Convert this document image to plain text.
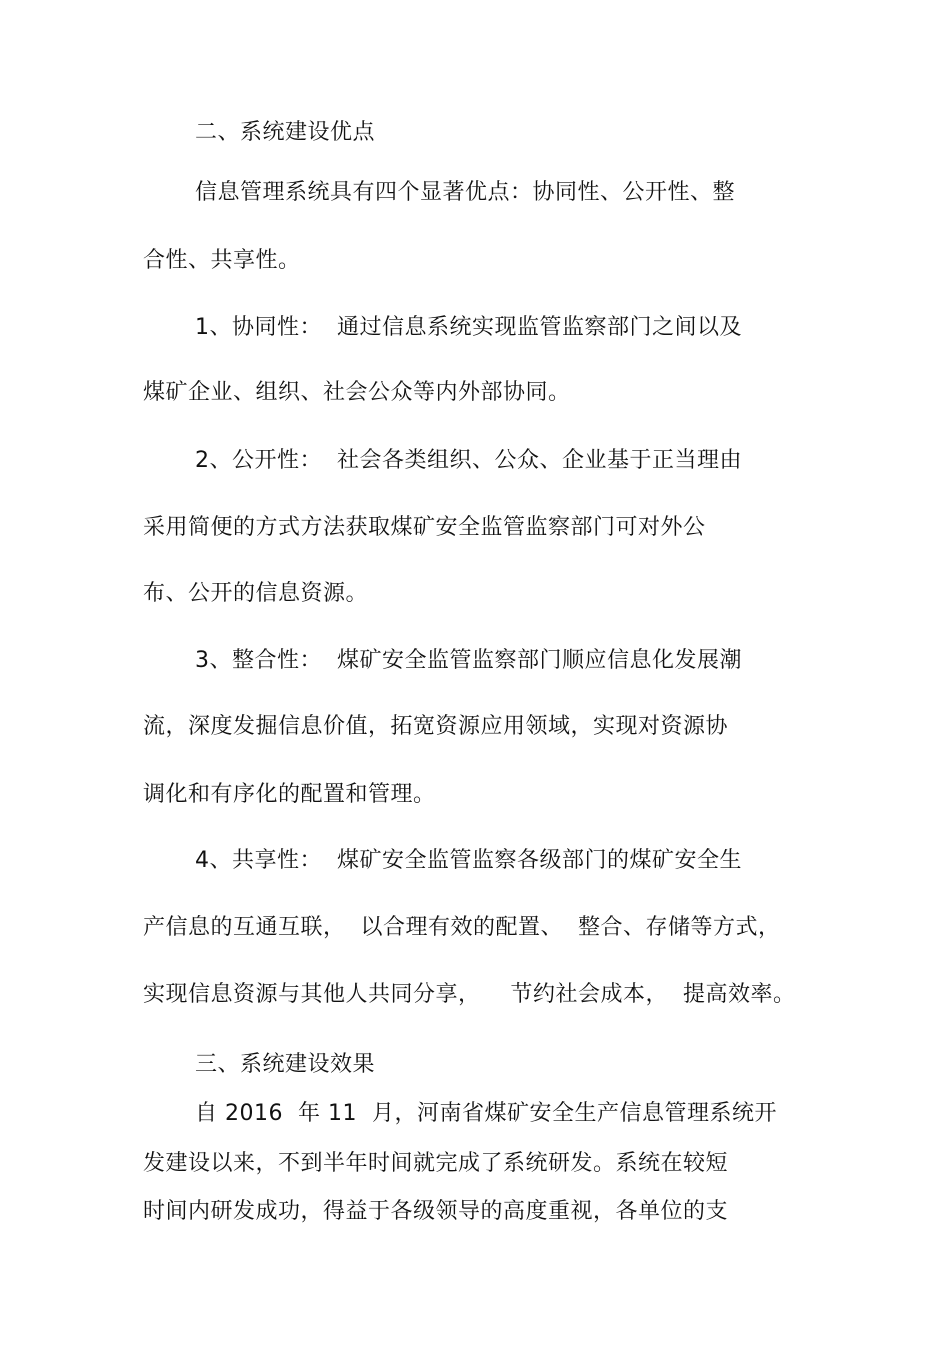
二、系统建设优点
信息管理系统具有四个显著优点：协同性、公开性、整
合性、共享性。
1、协同性：  通过信息系统实现监管监察部门之间以及
煤矿企业、组织、社会公众等内外部协同。
2、公开性：  社会各类组织、公众、企业基于正当理由
采用简便的方式方法获取煤矿安全监管监察部门可对外公
布、公开的信息资源。
3、整合性：  煤矿安全监管监察部门顺应信息化发展潮
流，深度发掘信息价值，拓宽资源应用领域，实现对资源协
调化和有序化的配置和管理。
4、共享性：  煤矿安全监管监察各级部门的煤矿安全生
产信息的互通互联，  以合理有效的配置、  整合、存储等方式，
实现信息资源与其他人共同分享，    节约社会成本，  提高效率。
三、系统建设效果
自 2016  年 11  月，河南省煤矿安全生产信息管理系统开
发建设以来，不到半年时间就完成了系统研发。系统在较短
时间内研发成功，得益于各级领导的高度重视，各单位的支
